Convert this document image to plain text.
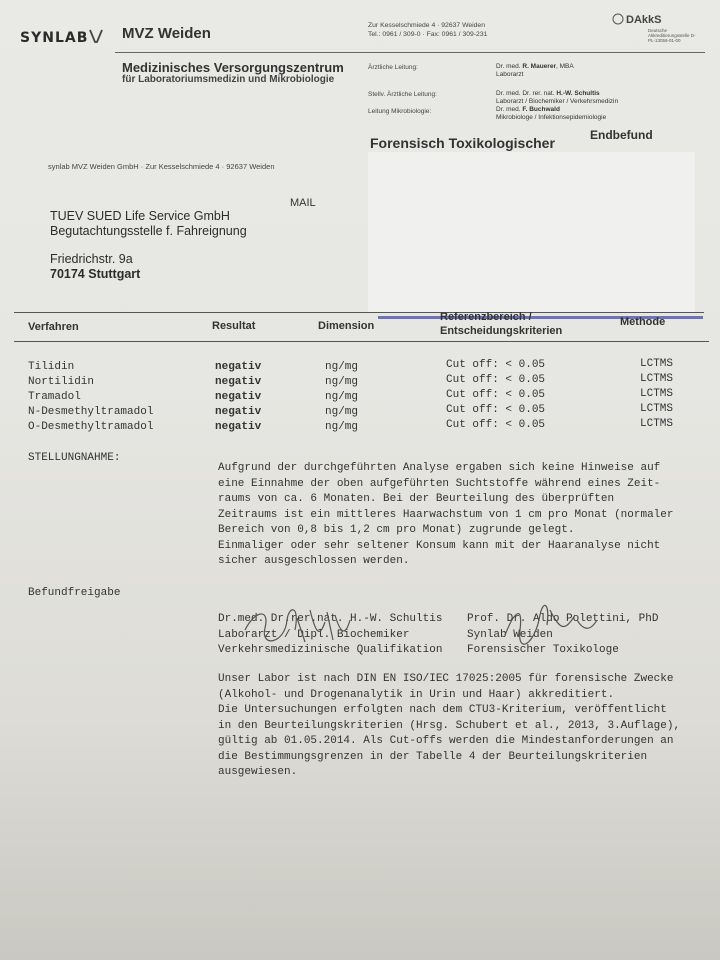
SYNLAB MVZ Weiden
Medizinisches Versorgungszentrum
für Laboratoriumsmedizin und Mikrobiologie
Zur Kesselschmiede 4 · 92637 Weiden
Tel.: 0961 / 309-0 · Fax: 0961 / 309-231
DAkkS
Deutsche Akkreditierungsstelle D-PL-13056-01-00
Ärztliche Leitung:	Dr. med. R. Mauerer, MBA
Laborarzt
Stellv. Ärztliche Leitung:	Dr. med. Dr. rer. nat. H.-W. Schultis
Laborarzt / Biochemiker / Verkehrsmedizin
Leitung Mikrobiologie:	Dr. med. F. Buchwald
Mikrobiologe / Infektionsepidemiologie
Forensisch Toxikologischer	Endbefund
synlab MVZ Weiden GmbH · Zur Kesselschmiede 4 · 92637 Weiden
MAIL
TUEV SUED Life Service GmbH
Begutachtungsstelle f. Fahreignung
Friedrichstr. 9a
70174 Stuttgart
Verfahren	Resultat	Dimension
Referenzbereich /
Entscheidungskriterien
Methode
Tilidin	negativ	ng/mg	Cut off: < 0.05	LCTMS
Nortilidin	negativ	ng/mg	Cut off: < 0.05	LCTMS
Tramadol	negativ	ng/mg	Cut off: < 0.05	LCTMS
N-Desmethyltramadol	negativ	ng/mg	Cut off: < 0.05	LCTMS
O-Desmethyltramadol	negativ	ng/mg	Cut off: < 0.05	LCTMS
STELLUNGNAHME:
Aufgrund der durchgeführten Analyse ergaben sich keine Hinweise auf
eine Einnahme der oben aufgeführten Suchtstoffe während eines Zeit-
raums von ca. 6 Monaten. Bei der Beurteilung des überprüften
Zeitraums ist ein mittleres Haarwachstum von 1 cm pro Monat (normaler
Bereich von 0,8 bis 1,2 cm pro Monat) zugrunde gelegt.
Einmaliger oder sehr seltener Konsum kann mit der Haaranalyse nicht
sicher ausgeschlossen werden.
Befundfreigabe
Dr.med. Dr.rer.nat. H.-W. Schultis
Laborarzt / Dipl. Biochemiker
Verkehrsmedizinische Qualifikation
Prof. Dr. Aldo Polettini, PhD
Synlab Weiden
Forensischer Toxikologe
Unser Labor ist nach DIN EN ISO/IEC 17025:2005 für forensische Zwecke
(Alkohol- und Drogenanalytik in Urin und Haar) akkreditiert.
Die Untersuchungen erfolgten nach dem CTU3-Kriterium, veröffentlicht
in den Beurteilungskriterien (Hrsg. Schubert et al., 2013, 3.Auflage),
gültig ab 01.05.2014. Als Cut-offs werden die Mindestanforderungen an
die Bestimmungsgrenzen in der Tabelle 4 der Beurteilungskriterien
ausgewiesen.
